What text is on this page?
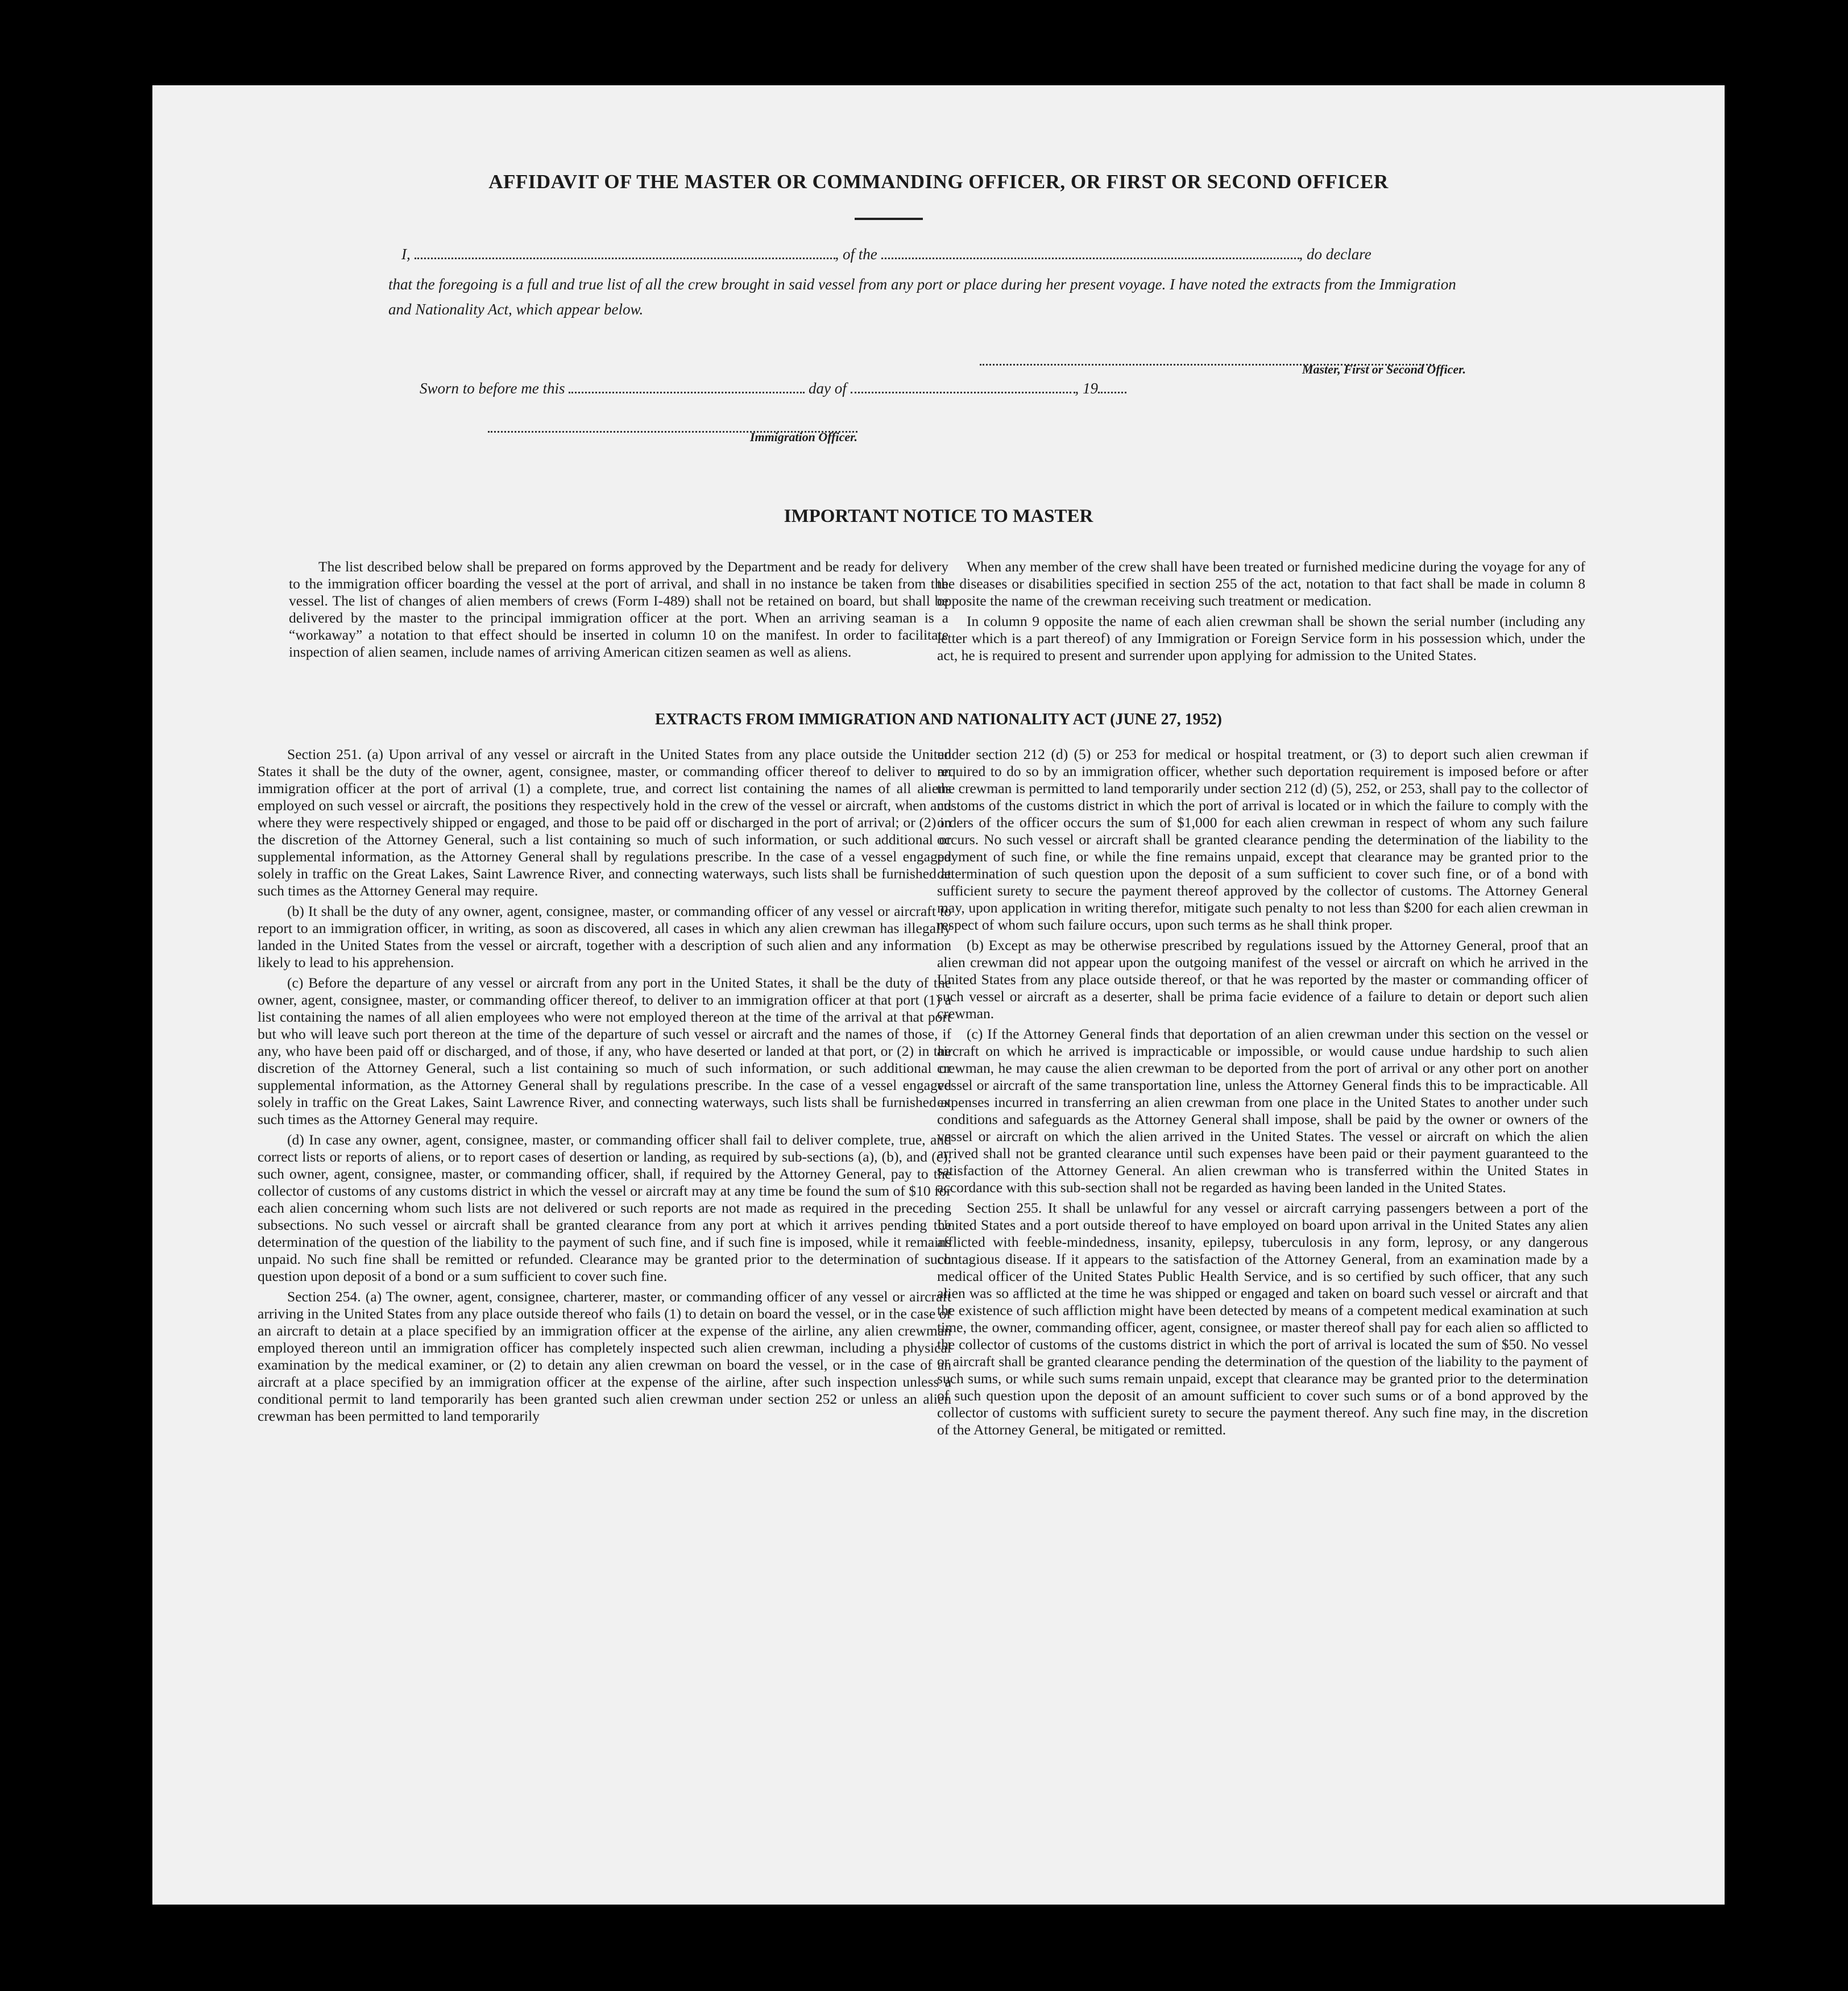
AFFIDAVIT OF THE MASTER OR COMMANDING OFFICER, OR FIRST OR SECOND OFFICER
I,	, of the	, do declare
that the foregoing is a full and true list of all the crew brought in said vessel from any port or place during her present voyage. I have noted the extracts from the Immigration and Nationality Act, which appear below.
Master, First or Second Officer.
Sworn to before me this	day of	, 19
Immigration Officer.
IMPORTANT NOTICE TO MASTER

The list described below shall be prepared on forms approved by the Department and be ready for delivery to the immigration officer boarding the vessel at the port of arrival, and shall in no instance be taken from the vessel. The list of changes of alien members of crews (Form I-489) shall not be retained on board, but shall be delivered by the master to the principal immigration officer at the port. When an arriving seaman is a “workaway” a notation to that effect should be inserted in column 10 on the manifest. In order to facilitate inspection of alien seamen, include names of arriving American citizen seamen as well as aliens.

When any member of the crew shall have been treated or furnished medicine during the voyage for any of the diseases or disabilities specified in section 255 of the act, notation to that fact shall be made in column 8 opposite the name of the crewman receiving such treatment or medication.

In column 9 opposite the name of each alien crewman shall be shown the serial number (including any letter which is a part thereof) of any Immigration or Foreign Service form in his possession which, under the act, he is required to present and surrender upon applying for admission to the United States.

EXTRACTS FROM IMMIGRATION AND NATIONALITY ACT (JUNE 27, 1952)

Section 251. (a) Upon arrival of any vessel or aircraft in the United States from any place outside the United States it shall be the duty of the owner, agent, consignee, master, or commanding officer thereof to deliver to an immigration officer at the port of arrival (1) a complete, true, and correct list containing the names of all aliens employed on such vessel or aircraft, the positions they respectively hold in the crew of the vessel or aircraft, when and where they were respectively shipped or engaged, and those to be paid off or discharged in the port of arrival; or (2) in the discretion of the Attorney General, such a list containing so much of such information, or such additional or supplemental information, as the Attorney General shall by regulations prescribe. In the case of a vessel engaged solely in traffic on the Great Lakes, Saint Lawrence River, and connecting waterways, such lists shall be furnished at such times as the Attorney General may require.

(b) It shall be the duty of any owner, agent, consignee, master, or commanding officer of any vessel or aircraft to report to an immigration officer, in writing, as soon as discovered, all cases in which any alien crewman has illegally landed in the United States from the vessel or aircraft, together with a description of such alien and any information likely to lead to his apprehension.

(c) Before the departure of any vessel or aircraft from any port in the United States, it shall be the duty of the owner, agent, consignee, master, or commanding officer thereof, to deliver to an immigration officer at that port (1) a list containing the names of all alien employees who were not employed thereon at the time of the arrival at that port but who will leave such port thereon at the time of the departure of such vessel or aircraft and the names of those, if any, who have been paid off or discharged, and of those, if any, who have deserted or landed at that port, or (2) in the discretion of the Attorney General, such a list containing so much of such information, or such additional or supplemental information, as the Attorney General shall by regulations prescribe. In the case of a vessel engaged solely in traffic on the Great Lakes, Saint Lawrence River, and connecting waterways, such lists shall be furnished at such times as the Attorney General may require.

(d) In case any owner, agent, consignee, master, or commanding officer shall fail to deliver complete, true, and correct lists or reports of aliens, or to report cases of desertion or landing, as required by sub-sections (a), (b), and (c), such owner, agent, consignee, master, or commanding officer, shall, if required by the Attorney General, pay to the collector of customs of any customs district in which the vessel or aircraft may at any time be found the sum of $10 for each alien concerning whom such lists are not delivered or such reports are not made as required in the preceding subsections. No such vessel or aircraft shall be granted clearance from any port at which it arrives pending the determination of the question of the liability to the payment of such fine, and if such fine is imposed, while it remains unpaid. No such fine shall be remitted or refunded. Clearance may be granted prior to the determination of such question upon deposit of a bond or a sum sufficient to cover such fine.

Section 254. (a) The owner, agent, consignee, charterer, master, or commanding officer of any vessel or aircraft arriving in the United States from any place outside thereof who fails (1) to detain on board the vessel, or in the case of an aircraft to detain at a place specified by an immigration officer at the expense of the airline, any alien crewman employed thereon until an immigration officer has completely inspected such alien crewman, including a physical examination by the medical examiner, or (2) to detain any alien crewman on board the vessel, or in the case of an aircraft at a place specified by an immigration officer at the expense of the airline, after such inspection unless a conditional permit to land temporarily has been granted such alien crewman under section 252 or unless an alien crewman has been permitted to land temporarily

under section 212 (d) (5) or 253 for medical or hospital treatment, or (3) to deport such alien crewman if required to do so by an immigration officer, whether such deportation requirement is imposed before or after the crewman is permitted to land temporarily under section 212 (d) (5), 252, or 253, shall pay to the collector of customs of the customs district in which the port of arrival is located or in which the failure to comply with the orders of the officer occurs the sum of $1,000 for each alien crewman in respect of whom any such failure occurs. No such vessel or aircraft shall be granted clearance pending the determination of the liability to the payment of such fine, or while the fine remains unpaid, except that clearance may be granted prior to the determination of such question upon the deposit of a sum sufficient to cover such fine, or of a bond with sufficient surety to secure the payment thereof approved by the collector of customs. The Attorney General may, upon application in writing therefor, mitigate such penalty to not less than $200 for each alien crewman in respect of whom such failure occurs, upon such terms as he shall think proper.

(b) Except as may be otherwise prescribed by regulations issued by the Attorney General, proof that an alien crewman did not appear upon the outgoing manifest of the vessel or aircraft on which he arrived in the United States from any place outside thereof, or that he was reported by the master or commanding officer of such vessel or aircraft as a deserter, shall be prima facie evidence of a failure to detain or deport such alien crewman.

(c) If the Attorney General finds that deportation of an alien crewman under this section on the vessel or aircraft on which he arrived is impracticable or impossible, or would cause undue hardship to such alien crewman, he may cause the alien crewman to be deported from the port of arrival or any other port on another vessel or aircraft of the same transportation line, unless the Attorney General finds this to be impracticable. All expenses incurred in transferring an alien crewman from one place in the United States to another under such conditions and safeguards as the Attorney General shall impose, shall be paid by the owner or owners of the vessel or aircraft on which the alien arrived in the United States. The vessel or aircraft on which the alien arrived shall not be granted clearance until such expenses have been paid or their payment guaranteed to the satisfaction of the Attorney General. An alien crewman who is transferred within the United States in accordance with this sub-section shall not be regarded as having been landed in the United States.

Section 255. It shall be unlawful for any vessel or aircraft carrying passengers between a port of the United States and a port outside thereof to have employed on board upon arrival in the United States any alien afflicted with feeble-mindedness, insanity, epilepsy, tuberculosis in any form, leprosy, or any dangerous contagious disease. If it appears to the satisfaction of the Attorney General, from an examination made by a medical officer of the United States Public Health Service, and is so certified by such officer, that any such alien was so afflicted at the time he was shipped or engaged and taken on board such vessel or aircraft and that the existence of such affliction might have been detected by means of a competent medical examination at such time, the owner, commanding officer, agent, consignee, or master thereof shall pay for each alien so afflicted to the collector of customs of the customs district in which the port of arrival is located the sum of $50. No vessel or aircraft shall be granted clearance pending the determination of the question of the liability to the payment of such sums, or while such sums remain unpaid, except that clearance may be granted prior to the determination of such question upon the deposit of an amount sufficient to cover such sums or of a bond approved by the collector of customs with sufficient surety to secure the payment thereof. Any such fine may, in the discretion of the Attorney General, be mitigated or remitted.
